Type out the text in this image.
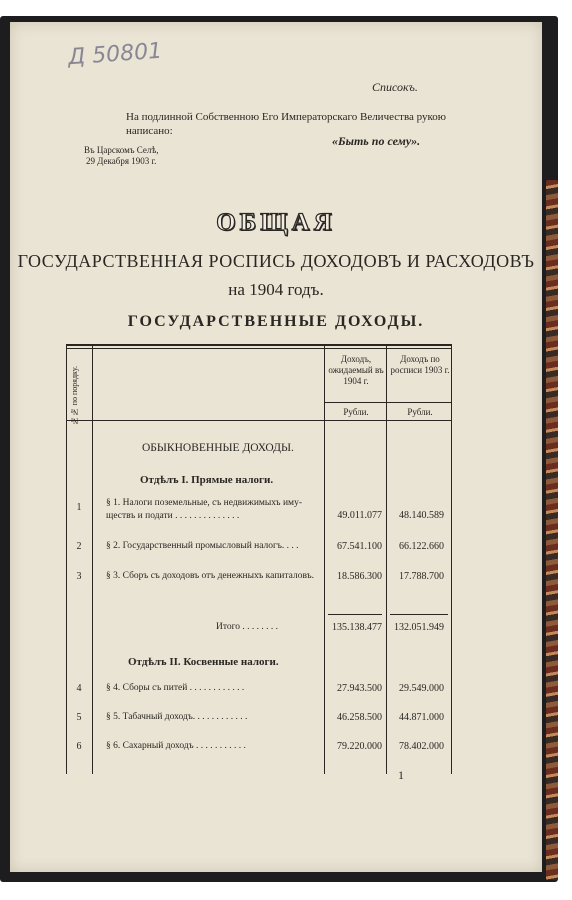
Д 50801
Списокъ.
На подлинной Собственною Его Императорскаго Величества рукою написано:
«Быть по сему».
Въ Царскомъ Селѣ,
29 Декабря 1903 г.
ОБЩАЯ
ГОСУДАРСТВЕННАЯ РОСПИСЬ ДОХОДОВЪ И РАСХОДОВЪ
на 1904 годъ.
ГОСУДАРСТВЕННЫЕ ДОХОДЫ.
№№ по порядку.
Доходъ, ожидаемый въ 1904 г.
Доходъ по росписи 1903 г.
Рубли.	Рубли.
ОБЫКНОВЕННЫЕ ДОХОДЫ.
Отдѣлъ I. Прямые налоги.
1	§ 1. Налоги поземельные, съ недвижимыхъ иму-
ществъ и подати . . . . . . . . . . . . . .	49.011.077	48.140.589
2	§ 2. Государственный промысловый налогъ. . . .	67.541.100	66.122.660
3	§ 3. Сборъ съ доходовъ отъ денежныхъ капиталовъ.	18.586.300	17.788.700
Итого . . . . . . . .	135.138.477	132.051.949
Отдѣлъ II. Косвенные налоги.
4	§ 4. Сборы съ питей . . . . . . . . . . . .	27.943.500	29.549.000
5	§ 5. Табачный доходъ. . . . . . . . . . . .	46.258.500	44.871.000
6	§ 6. Сахарный доходъ . . . . . . . . . . .	79.220.000	78.402.000
1
